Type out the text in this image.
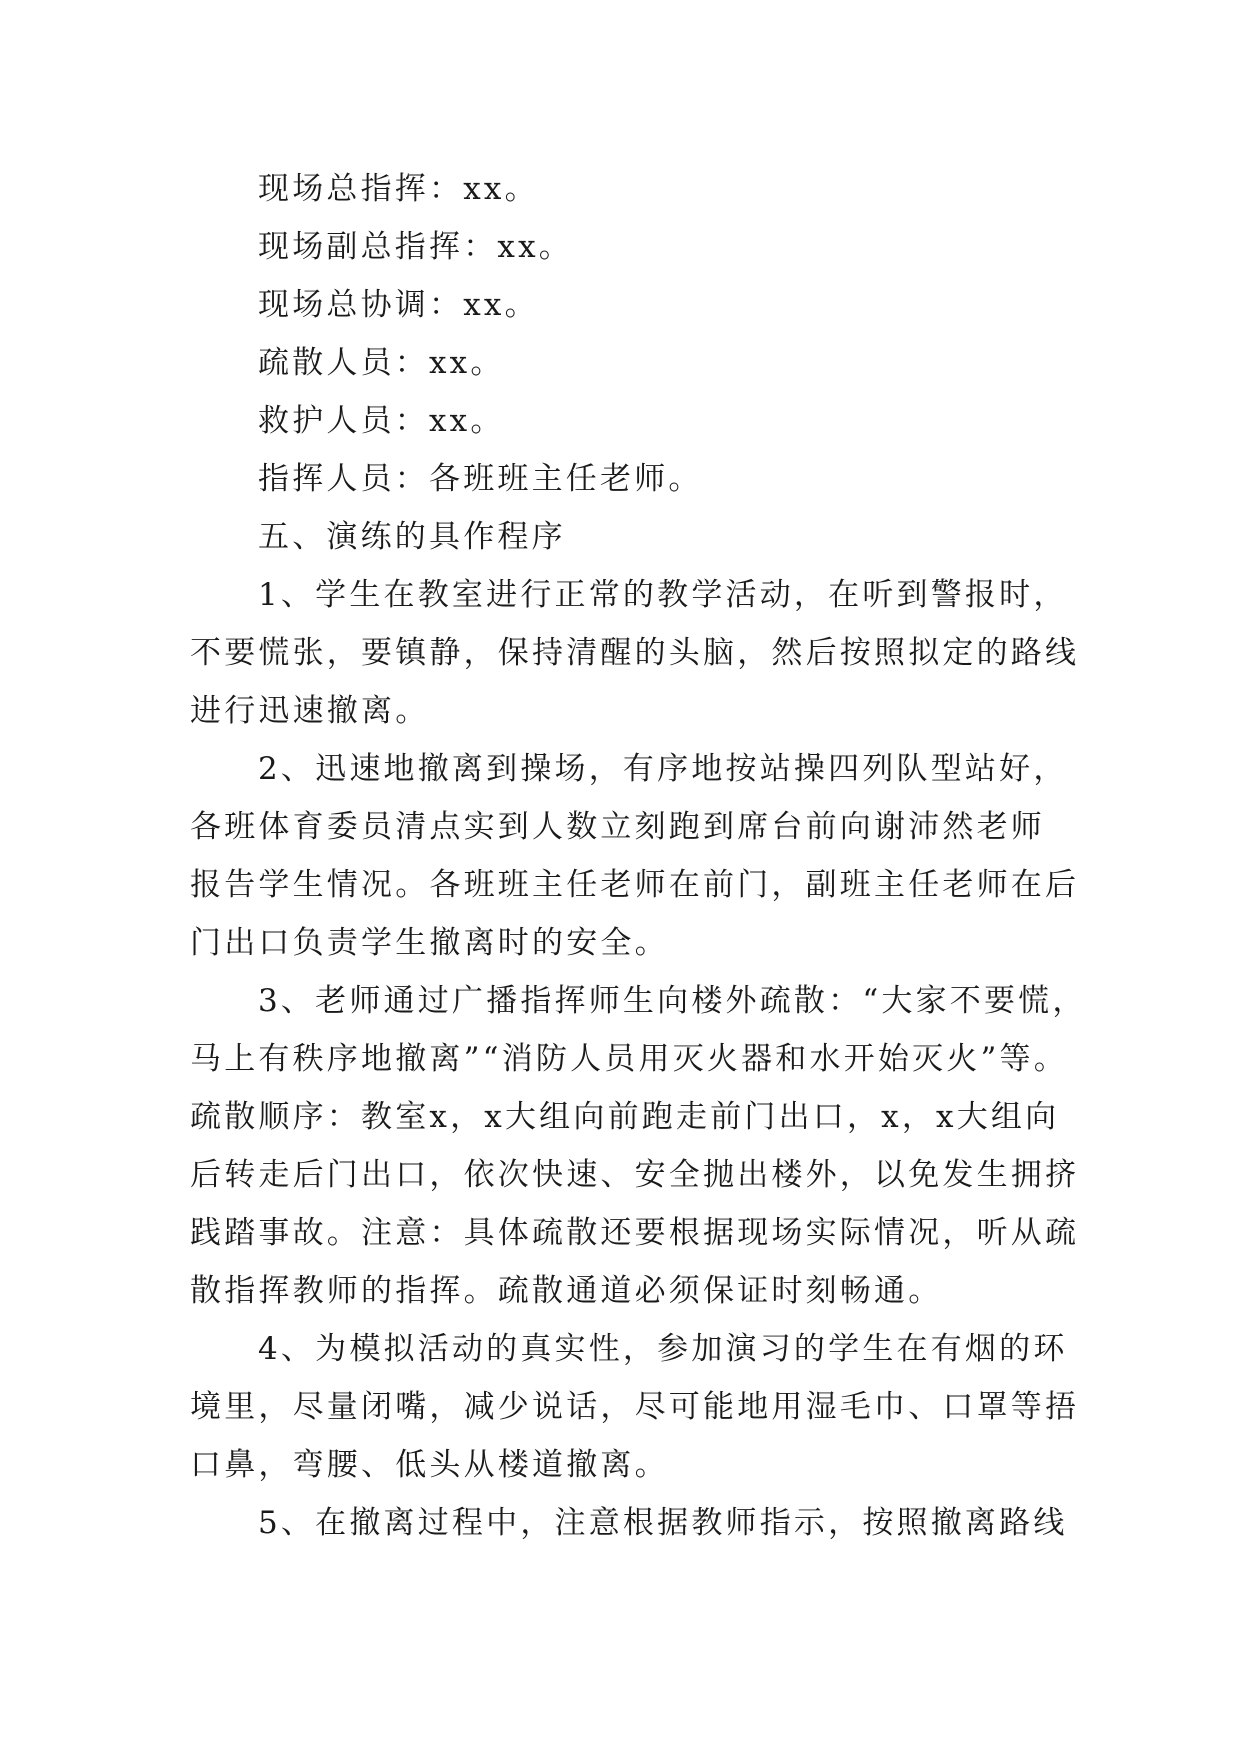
现场总指挥：xx。
现场副总指挥：xx。
现场总协调：xx。
疏散人员：xx。
救护人员：xx。
指挥人员：各班班主任老师。
五、演练的具作程序
1、学生在教室进行正常的教学活动，在听到警报时，
不要慌张，要镇静，保持清醒的头脑，然后按照拟定的路线
进行迅速撤离。
2、迅速地撤离到操场，有序地按站操四列队型站好，
各班体育委员清点实到人数立刻跑到席台前向谢沛然老师
报告学生情况。各班班主任老师在前门，副班主任老师在后
门出口负责学生撤离时的安全。
3、老师通过广播指挥师生向楼外疏散：“大家不要慌，
马上有秩序地撤离”“消防人员用灭火器和水开始灭火”等。
疏散顺序：教室x，x大组向前跑走前门出口，x，x大组向
后转走后门出口，依次快速、安全抛出楼外，以免发生拥挤
践踏事故。注意：具体疏散还要根据现场实际情况，听从疏
散指挥教师的指挥。疏散通道必须保证时刻畅通。
4、为模拟活动的真实性，参加演习的学生在有烟的环
境里，尽量闭嘴，减少说话，尽可能地用湿毛巾、口罩等捂
口鼻，弯腰、低头从楼道撤离。
5、在撤离过程中，注意根据教师指示，按照撤离路线
